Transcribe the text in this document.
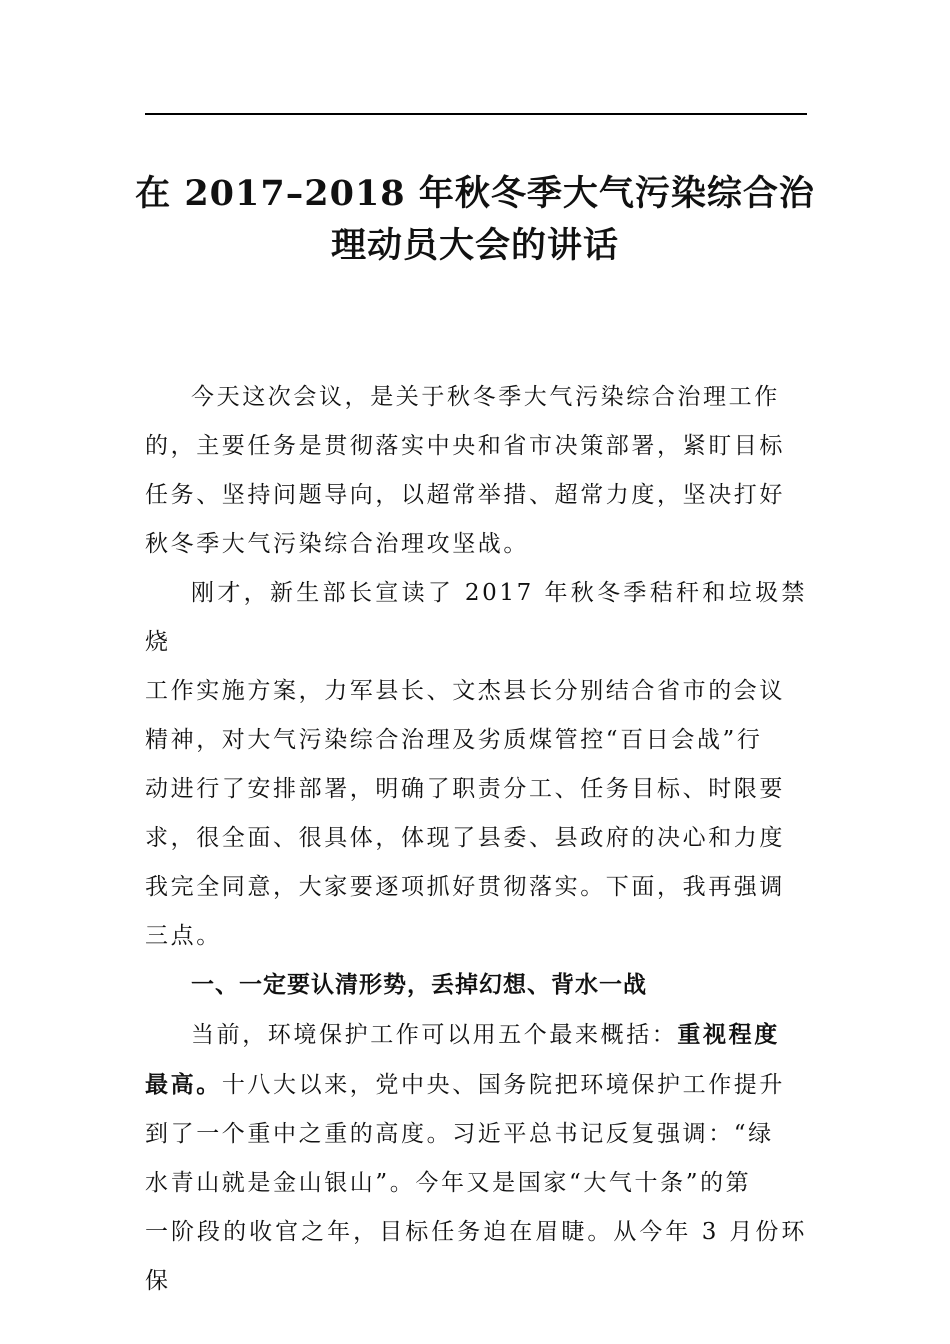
在 2017–2018 年秋冬季大气污染综合治
理动员大会的讲话

今天这次会议，是关于秋冬季大气污染综合治理工作
的，主要任务是贯彻落实中央和省市决策部署，紧盯目标
任务、坚持问题导向，以超常举措、超常力度，坚决打好
秋冬季大气污染综合治理攻坚战。

刚才，新生部长宣读了 2017 年秋冬季秸秆和垃圾禁烧
工作实施方案，力军县长、文杰县长分别结合省市的会议
精神，对大气污染综合治理及劣质煤管控“百日会战”行
动进行了安排部署，明确了职责分工、任务目标、时限要
求，很全面、很具体，体现了县委、县政府的决心和力度
我完全同意，大家要逐项抓好贯彻落实。下面，我再强调
三点。

一、一定要认清形势，丢掉幻想、背水一战

当前，环境保护工作可以用五个最来概括：重视程度
最高。十八大以来，党中央、国务院把环境保护工作提升
到了一个重中之重的高度。习近平总书记反复强调：“绿
水青山就是金山银山”。今年又是国家“大气十条”的第
一阶段的收官之年，目标任务迫在眉睫。从今年 3 月份环保
